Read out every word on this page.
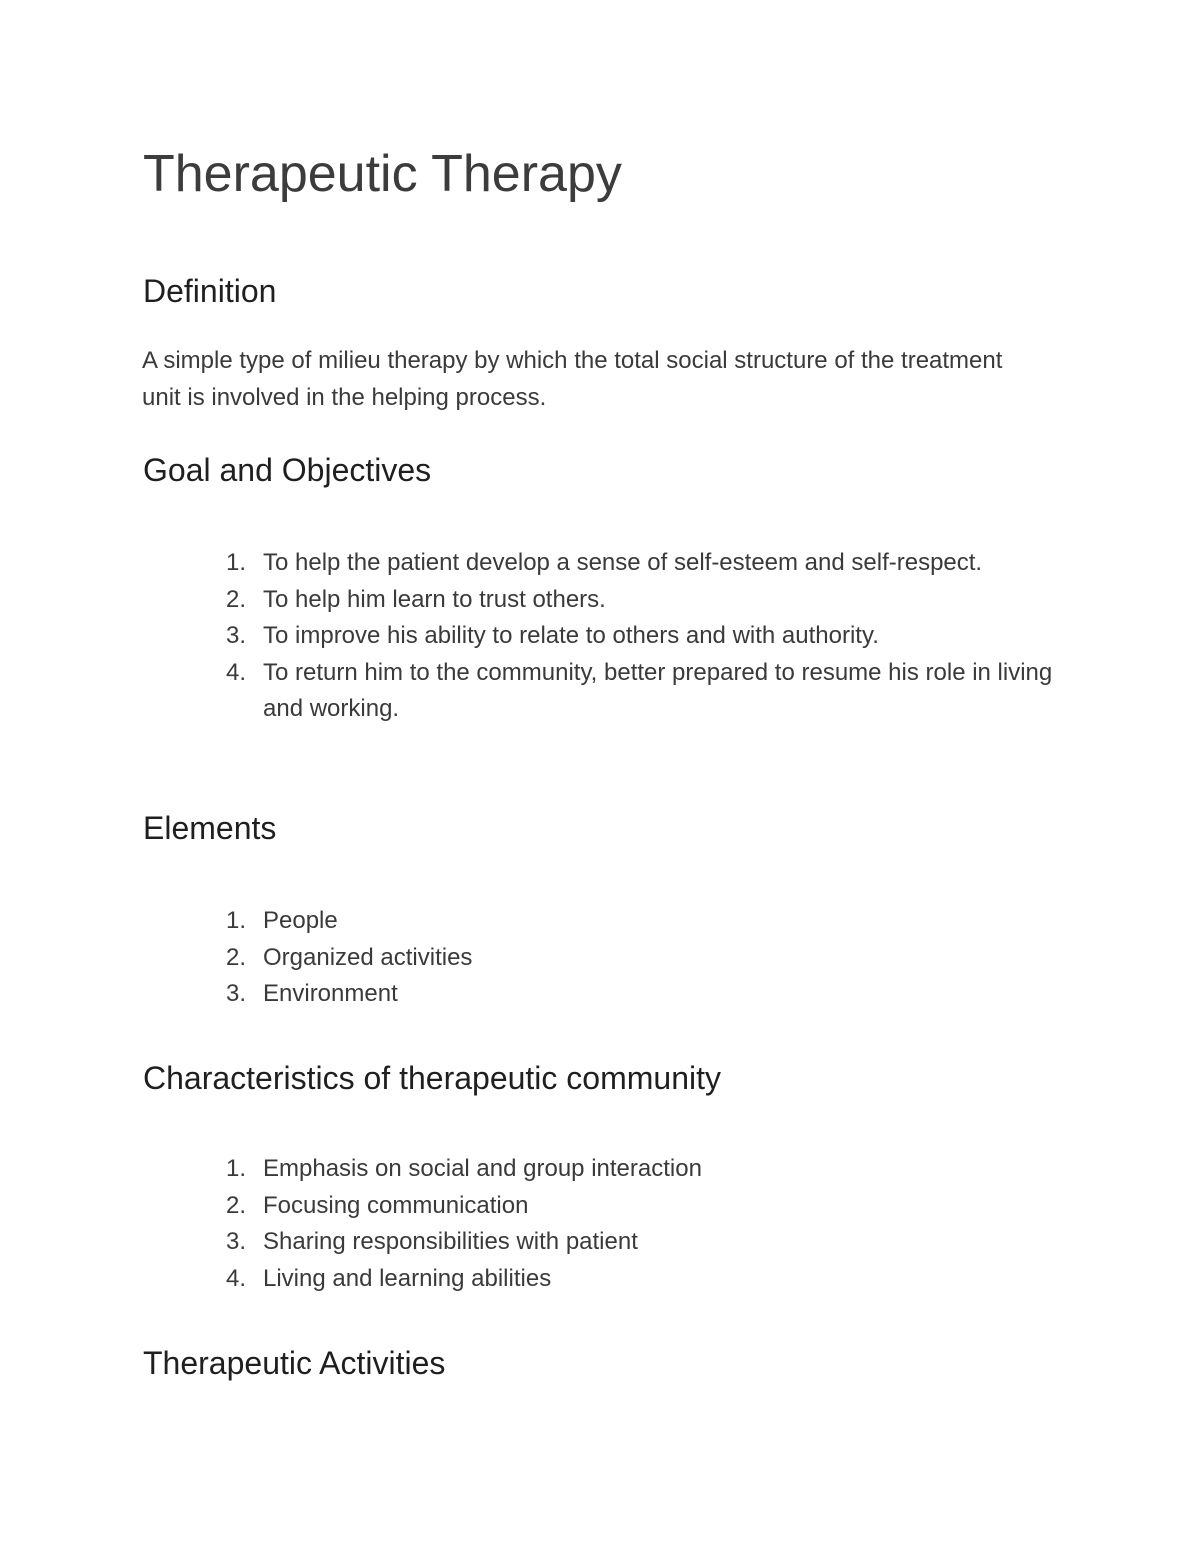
Therapeutic Therapy
Definition

A simple type of milieu therapy by which the total social structure of the treatment unit is involved in the helping process.

Goal and Objectives
1. To help the patient develop a sense of self-esteem and self-respect.
2. To help him learn to trust others.
3. To improve his ability to relate to others and with authority.
4. To return him to the community, better prepared to resume his role in living and working.
Elements
1. People
2. Organized activities
3. Environment
Characteristics of therapeutic community
1. Emphasis on social and group interaction
2. Focusing communication
3. Sharing responsibilities with patient
4. Living and learning abilities
Therapeutic Activities
